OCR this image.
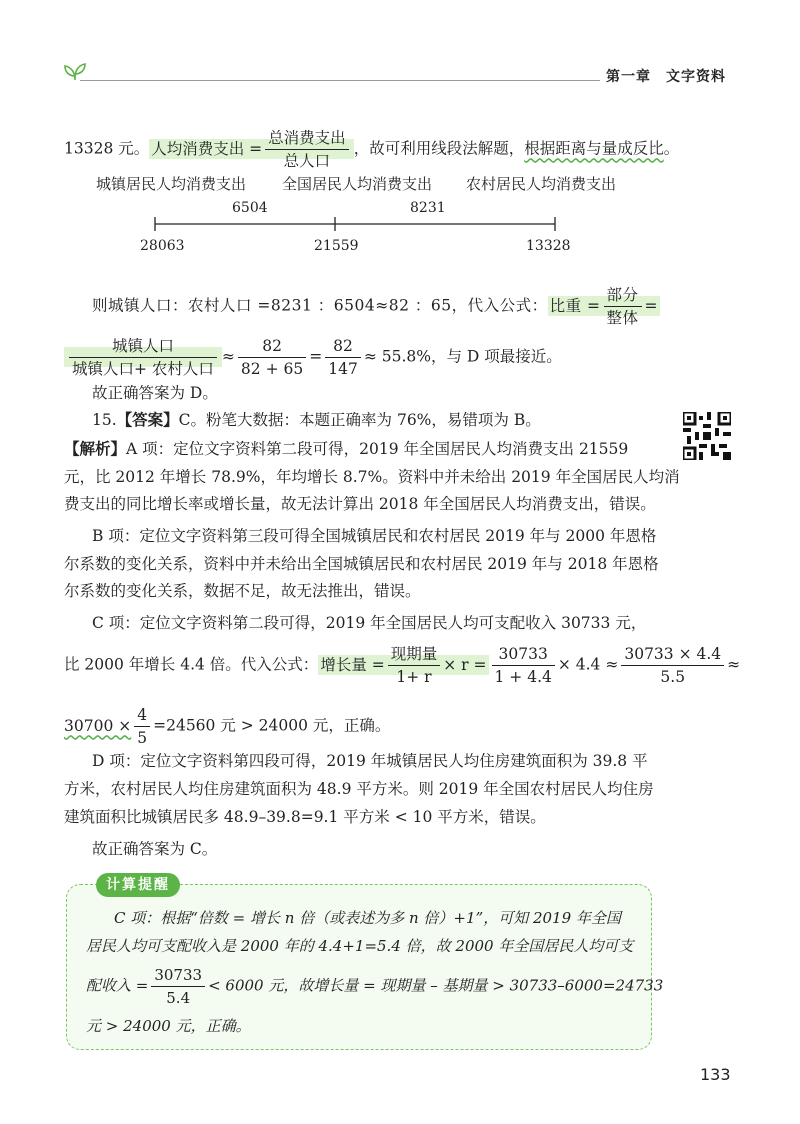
第一章　文字资料
13328 元。 人均消费支出 = $\frac{\text{总消费支出}}{\text{总人口}}$ ，故可利用线段法解题，根据距离与量成反比。
城镇居民人均消费支出 全国居民人均消费支出 农村居民人均消费支出
6504	8231
28063	21559	13328
则城镇人口：农村人口 =8231 ：6504≈82 ：65，代入公式： 比重 = $\frac{\text{部分}}{\text{整体}}$ =
$\frac{\text{城镇人口}}{\text{城镇人口+ 农村人口}} \approx \frac{82}{82 + 65} = \frac{82}{147} \approx 55.8\%$，与 D 项最接近。
故正确答案为 D。
15.【答案】C。粉笔大数据：本题正确率为 76%，易错项为 B。
【解析】A 项：定位文字资料第二段可得，2019 年全国居民人均消费支出 21559
元，比 2012 年增长 78.9%，年均增长 8.7%。资料中并未给出 2019 年全国居民人均消
费支出的同比增长率或增长量，故无法计算出 2018 年全国居民人均消费支出，错误。
B 项：定位文字资料第三段可得全国城镇居民和农村居民 2019 年与 2000 年恩格
尔系数的变化关系，资料中并未给出全国城镇居民和农村居民 2019 年与 2018 年恩格
尔系数的变化关系，数据不足，故无法推出，错误。
C 项：定位文字资料第二段可得，2019 年全国居民人均可支配收入 30733 元，
比 2000 年增长 4.4 倍。代入公式： 增长量 = $\frac{\text{现期量}}{1+ r} \times r = \frac{30733}{1 + 4.4} \times 4.4 \approx \frac{30733 \times 4.4}{5.5}$ ≈
$30700 \times \frac{4}{5} =24560$ 元 > 24000 元，正确。
D 项：定位文字资料第四段可得，2019 年城镇居民人均住房建筑面积为 39.8 平
方米，农村居民人均住房建筑面积为 48.9 平方米。则 2019 年全国农村居民人均住房
建筑面积比城镇居民多 48.9–39.8=9.1 平方米 < 10 平方米，错误。
故正确答案为 C。
计算提醒
C 项：根据“倍数 = 增长 n 倍（或表述为多 n 倍）+1”，可知 2019 年全国
居民人均可支配收入是 2000 年的 4.4+1=5.4 倍，故 2000 年全国居民人均可支
配收入 = $\frac{30733}{5.4} < 6000$ 元，故增长量 = 现期量 – 基期量 > 30733–6000=24733
元 > 24000 元，正确。
133
